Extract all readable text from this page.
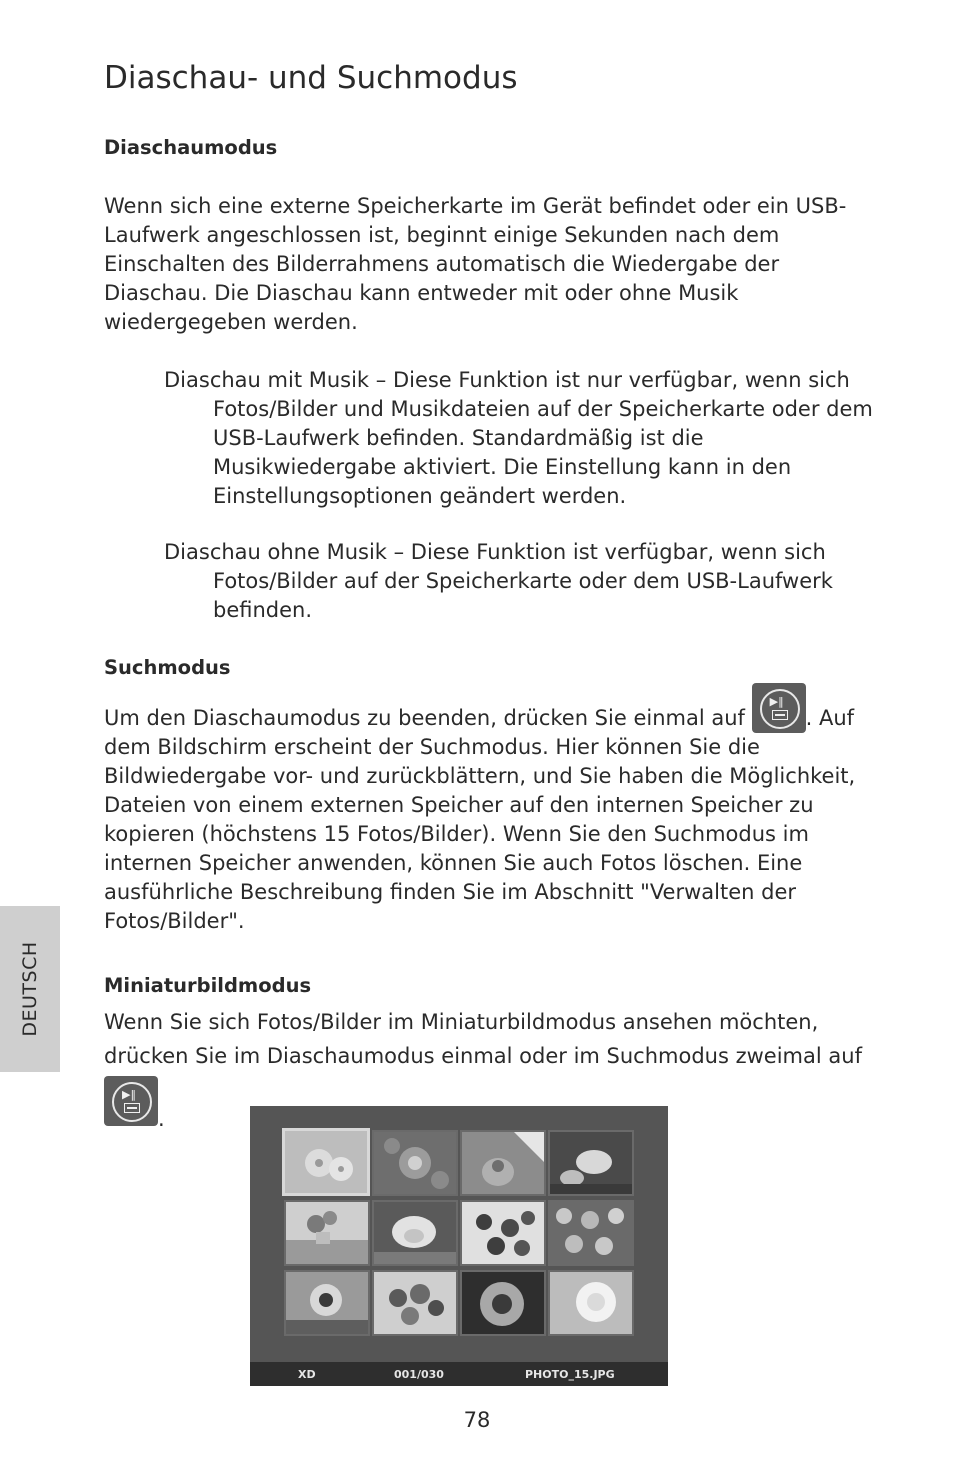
Diaschau- und Suchmodus
Diaschaumodus

Wenn sich eine externe Speicherkarte im Gerät befindet oder ein USB-Laufwerk angeschlossen ist, beginnt einige Sekunden nach dem Einschalten des Bilderrahmens automatisch die Wiedergabe der Diaschau. Die Diaschau kann entweder mit oder ohne Musik wiedergegeben werden.

Diaschau mit Musik – Diese Funktion ist nur verfügbar, wenn sich Fotos/Bilder und Musikdateien auf der Speicherkarte oder dem USB-Laufwerk befinden. Standardmäßig ist die Musikwiedergabe aktiviert. Die Einstellung kann in den Einstellungsoptionen geändert werden.

Diaschau ohne Musik – Diese Funktion ist verfügbar, wenn sich Fotos/Bilder auf der Speicherkarte oder dem USB-Laufwerk befinden.

Suchmodus

Um den Diaschaumodus zu beenden, drücken Sie einmal auf
▶‖
. Auf dem Bildschirm erscheint der Suchmodus. Hier können Sie die Bildwiedergabe vor- und zurückblättern, und Sie haben die Möglichkeit, Dateien von einem externen Speicher auf den internen Speicher zu kopieren (höchstens 15 Fotos/Bilder). Wenn Sie den Suchmodus im internen Speicher anwenden, können Sie auch Fotos löschen. Eine ausführliche Beschreibung finden Sie im Abschnitt "Verwalten der Fotos/Bilder".

Miniaturbildmodus

Wenn Sie sich Fotos/Bilder im Miniaturbildmodus ansehen möchten, drücken Sie im Diaschaumodus einmal oder im Suchmodus zweimal auf

▶‖
.
DEUTSCH
XD	001/030	PHOTO_15.JPG
78
